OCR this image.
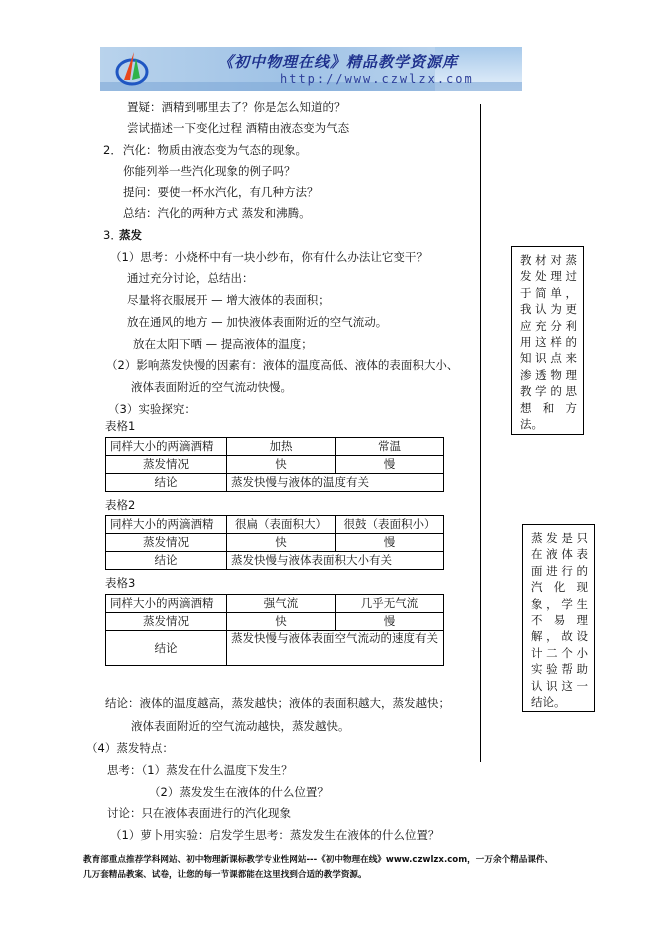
《初中物理在线》精品教学资源库
http://www.czwlzx.com
置疑：酒精到哪里去了？你是怎么知道的？
尝试描述一下变化过程 酒精由液态变为气态
2． 汽化：物质由液态变为气态的现象。
你能列举一些汽化现象的例子吗？
提问：要使一杯水汽化，有几种方法？
总结：汽化的两种方式 蒸发和沸腾。
3．
蒸发
（1）思考：小烧杯中有一块小纱布，你有什么办法让它变干？
通过充分讨论，总结出：
尽量将衣服展开 — 增大液体的表面积；
放在通风的地方 — 加快液体表面附近的空气流动。
放在太阳下晒 — 提高液体的温度；
（2）影响蒸发快慢的因素有：液体的温度高低、液体的表面积大小、
液体表面附近的空气流动快慢。
（3）实验探究：
表格1
同样大小的两滴酒精	加热	常温
蒸发情况	快	慢
结论	蒸发快慢与液体的温度有关	
表格2
同样大小的两滴酒精	很扁（表面积大）	很鼓（表面积小）
蒸发情况	快	慢
结论	蒸发快慢与液体表面积大小有关	
表格3
同样大小的两滴酒精	强气流	几乎无气流
蒸发情况	快	慢
结论	蒸发快慢与液体表面空气流动的速度有关	
结论：液体的温度越高，蒸发越快；液体的表面积越大，蒸发越快；
液体表面附近的空气流动越快，蒸发越快。
（4）蒸发特点：
思考：（1）蒸发在什么温度下发生？
（2）蒸发发生在液体的什么位置？
讨论：只在液体表面进行的汽化现象
（1）萝卜用实验：启发学生思考：蒸发发生在液体的什么位置？
教材对蒸发处理过于简单，我认为更应充分利用这样的知识点来渗透物理教学的思想和方法。
蒸发是只在液体表面进行的汽化现象，学生不易理解，故设计二个小实验帮助认识这一结论。
教育部重点推荐学科网站、初中物理新课标教学专业性网站---《初中物理在线》www.czwlzx.com，一万余个精品课件、
几万套精品教案、试卷，让您的每一节课都能在这里找到合适的教学资源。
